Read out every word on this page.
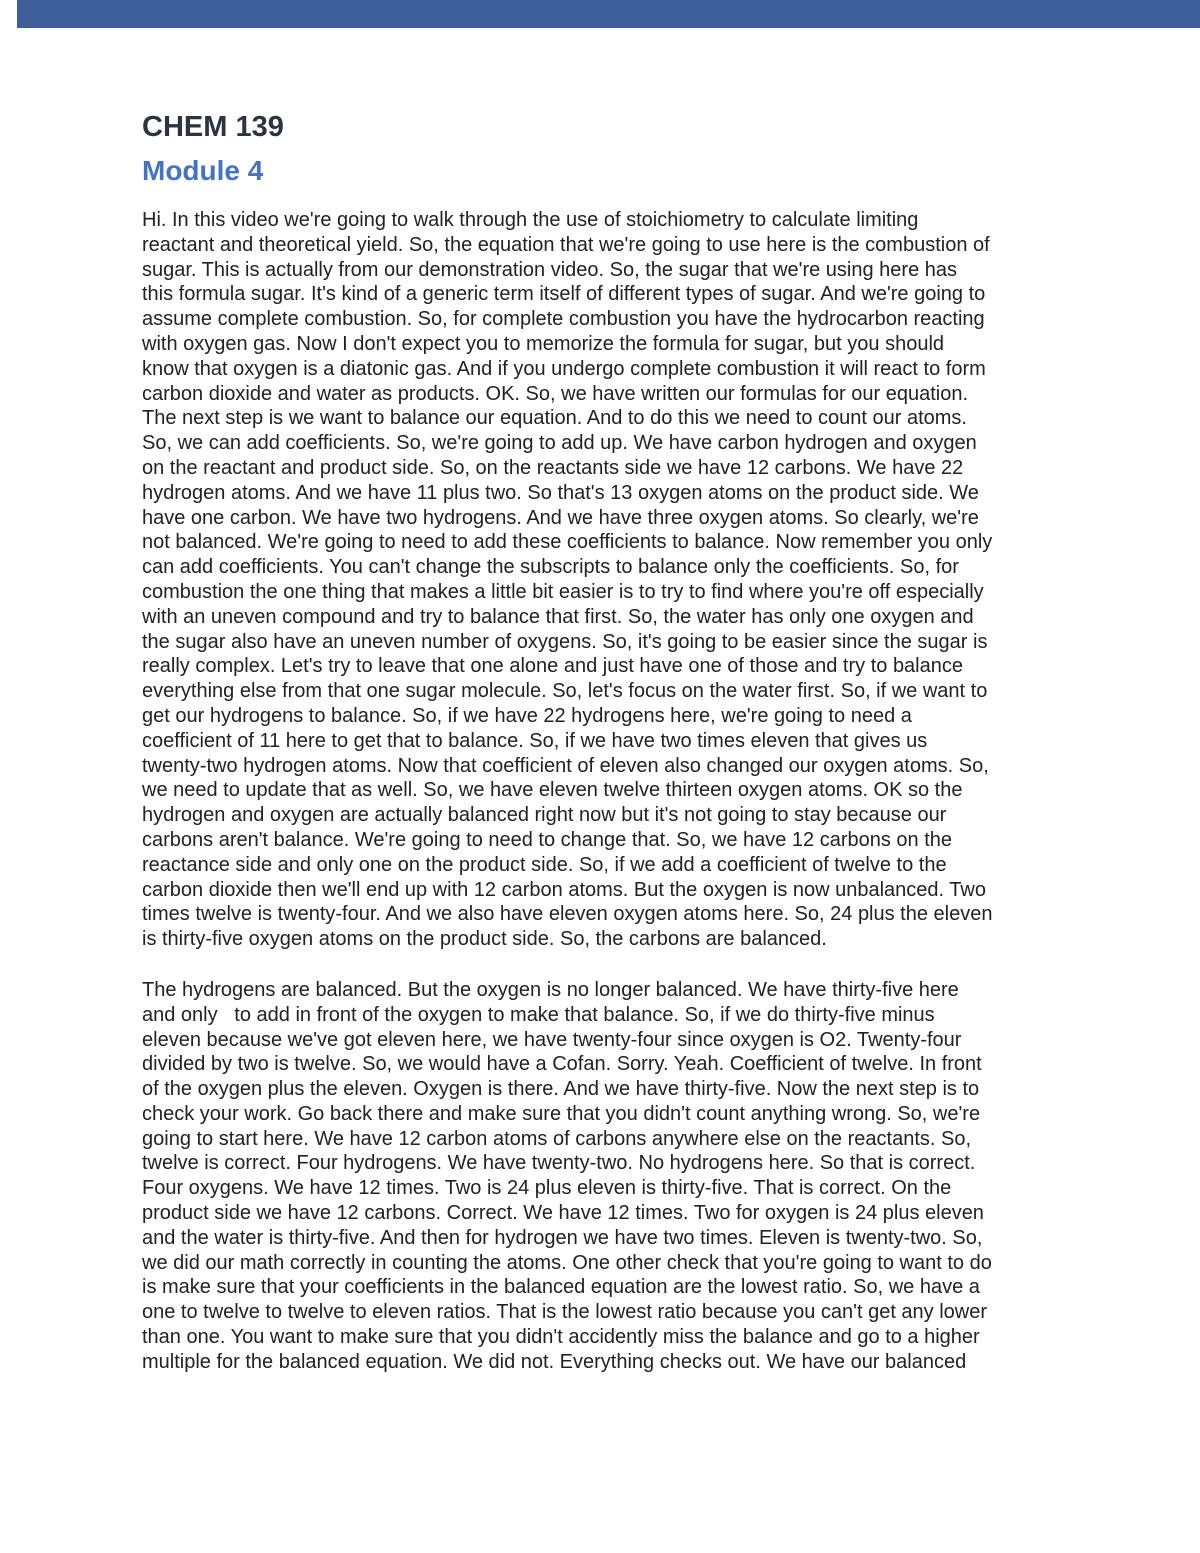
CHEM 139
Module 4

Hi. In this video we're going to walk through the use of stoichiometry to calculate limiting
reactant and theoretical yield. So, the equation that we're going to use here is the combustion of
sugar. This is actually from our demonstration video. So, the sugar that we're using here has
this formula sugar. It's kind of a generic term itself of different types of sugar. And we're going to
assume complete combustion. So, for complete combustion you have the hydrocarbon reacting
with oxygen gas. Now I don't expect you to memorize the formula for sugar, but you should
know that oxygen is a diatonic gas. And if you undergo complete combustion it will react to form
carbon dioxide and water as products. OK. So, we have written our formulas for our equation.
The next step is we want to balance our equation. And to do this we need to count our atoms.
So, we can add coefficients. So, we're going to add up. We have carbon hydrogen and oxygen
on the reactant and product side. So, on the reactants side we have 12 carbons. We have 22
hydrogen atoms. And we have 11 plus two. So that's 13 oxygen atoms on the product side. We
have one carbon. We have two hydrogens. And we have three oxygen atoms. So clearly, we're
not balanced. We're going to need to add these coefficients to balance. Now remember you only
can add coefficients. You can't change the subscripts to balance only the coefficients. So, for
combustion the one thing that makes a little bit easier is to try to find where you're off especially
with an uneven compound and try to balance that first. So, the water has only one oxygen and
the sugar also have an uneven number of oxygens. So, it's going to be easier since the sugar is
really complex. Let's try to leave that one alone and just have one of those and try to balance
everything else from that one sugar molecule. So, let's focus on the water first. So, if we want to
get our hydrogens to balance. So, if we have 22 hydrogens here, we're going to need a
coefficient of 11 here to get that to balance. So, if we have two times eleven that gives us
twenty-two hydrogen atoms. Now that coefficient of eleven also changed our oxygen atoms. So,
we need to update that as well. So, we have eleven twelve thirteen oxygen atoms. OK so the
hydrogen and oxygen are actually balanced right now but it's not going to stay because our
carbons aren't balance. We're going to need to change that. So, we have 12 carbons on the
reactance side and only one on the product side. So, if we add a coefficient of twelve to the
carbon dioxide then we'll end up with 12 carbon atoms. But the oxygen is now unbalanced. Two
times twelve is twenty-four. And we also have eleven oxygen atoms here. So, 24 plus the eleven
is thirty-five oxygen atoms on the product side. So, the carbons are balanced.

The hydrogens are balanced. But the oxygen is no longer balanced. We have thirty-five here
and only   to add in front of the oxygen to make that balance. So, if we do thirty-five minus
eleven because we've got eleven here, we have twenty-four since oxygen is O2. Twenty-four
divided by two is twelve. So, we would have a Cofan. Sorry. Yeah. Coefficient of twelve. In front
of the oxygen plus the eleven. Oxygen is there. And we have thirty-five. Now the next step is to
check your work. Go back there and make sure that you didn't count anything wrong. So, we're
going to start here. We have 12 carbon atoms of carbons anywhere else on the reactants. So,
twelve is correct. Four hydrogens. We have twenty-two. No hydrogens here. So that is correct.
Four oxygens. We have 12 times. Two is 24 plus eleven is thirty-five. That is correct. On the
product side we have 12 carbons. Correct. We have 12 times. Two for oxygen is 24 plus eleven
and the water is thirty-five. And then for hydrogen we have two times. Eleven is twenty-two. So,
we did our math correctly in counting the atoms. One other check that you're going to want to do
is make sure that your coefficients in the balanced equation are the lowest ratio. So, we have a
one to twelve to twelve to eleven ratios. That is the lowest ratio because you can't get any lower
than one. You want to make sure that you didn't accidently miss the balance and go to a higher
multiple for the balanced equation. We did not. Everything checks out. We have our balanced
